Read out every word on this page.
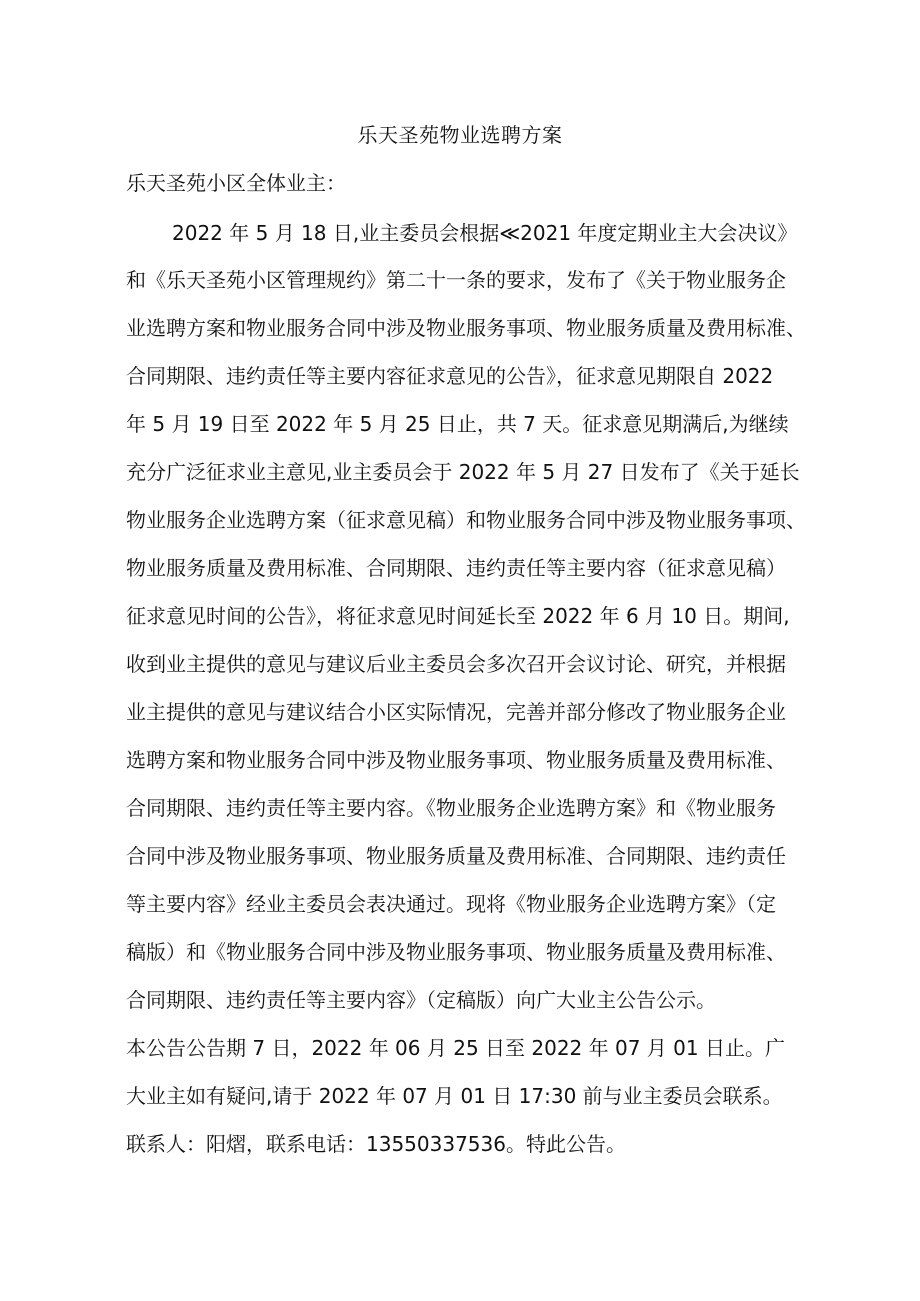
乐天圣苑物业选聘方案
乐天圣苑小区全体业主：
2022 年 5 月 18 日,业主委员会根据≪2021 年度定期业主大会决议》
和《乐天圣苑小区管理规约》第二十一条的要求，发布了《关于物业服务企
业选聘方案和物业服务合同中涉及物业服务事项、物业服务质量及费用标准、
合同期限、违约责任等主要内容征求意见的公告》，征求意见期限自 2022
年 5 月 19 日至 2022 年 5 月 25 日止，共 7 天。征求意见期满后,为继续
充分广泛征求业主意见,业主委员会于 2022 年 5 月 27 日发布了《关于延长
物业服务企业选聘方案（征求意见稿）和物业服务合同中涉及物业服务事项、
物业服务质量及费用标准、合同期限、违约责任等主要内容（征求意见稿）
征求意见时间的公告》，将征求意见时间延长至 2022 年 6 月 10 日。期间,
收到业主提供的意见与建议后业主委员会多次召开会议讨论、研究，并根据
业主提供的意见与建议结合小区实际情况，完善并部分修改了物业服务企业
选聘方案和物业服务合同中涉及物业服务事项、物业服务质量及费用标准、
合同期限、违约责任等主要内容。《物业服务企业选聘方案》和《物业服务
合同中涉及物业服务事项、物业服务质量及费用标准、合同期限、违约责任
等主要内容》经业主委员会表决通过。现将《物业服务企业选聘方案》（定
稿版）和《物业服务合同中涉及物业服务事项、物业服务质量及费用标准、
合同期限、违约责任等主要内容》（定稿版）向广大业主公告公示。
本公告公告期 7 日，2022 年 06 月 25 日至 2022 年 07 月 01 日止。广
大业主如有疑问,请于 2022 年 07 月 01 日 17:30 前与业主委员会联系。
联系人：阳熠，联系电话：13550337536。特此公告。
